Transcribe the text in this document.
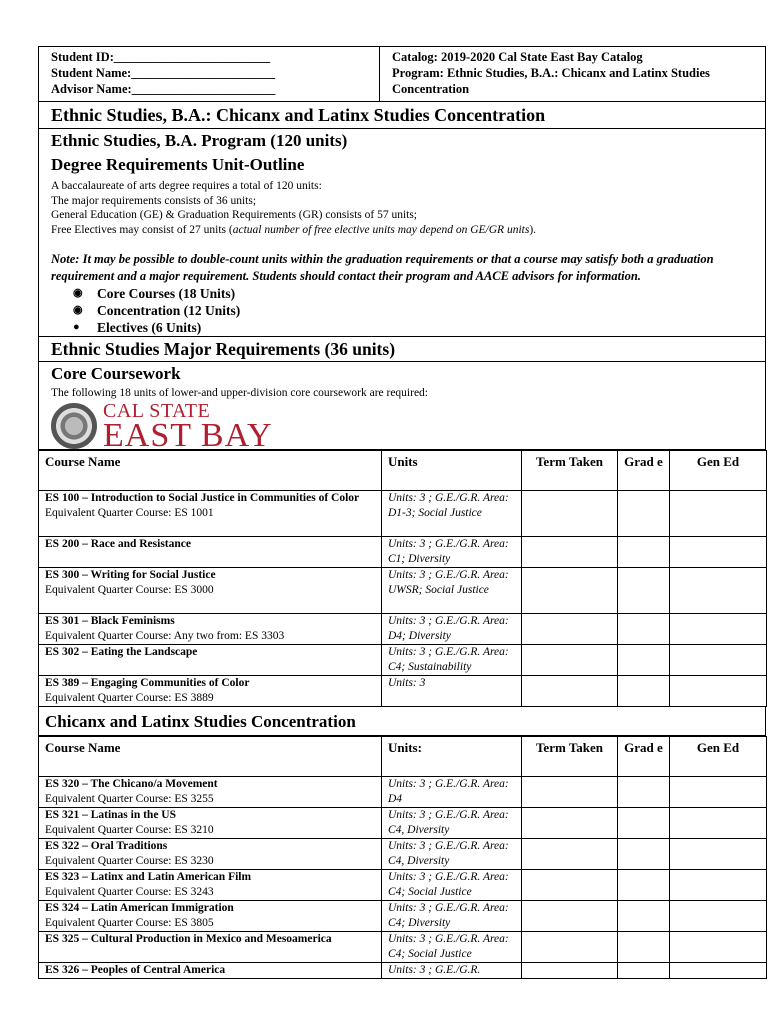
Student ID:_________________________
Student Name:_______________________
Advisor Name:_______________________
Catalog: 2019-2020 Cal State East Bay Catalog
Program: Ethnic Studies, B.A.: Chicanx and Latinx Studies
Concentration
Ethnic Studies, B.A.: Chicanx and Latinx Studies Concentration
Ethnic Studies, B.A. Program (120 units)
Degree Requirements Unit-Outline
A baccalaureate of arts degree requires a total of 120 units:
The major requirements consists of 36 units;
General Education (GE) & Graduation Requirements (GR) consists of 57 units;
Free Electives may consist of 27 units (actual number of free elective units may depend on GE/GR units).
Note: It may be possible to double-count units within the graduation requirements or that a course may satisfy both a graduation requirement and a major requirement. Students should contact their program and AACE advisors for information.
◉ Core Courses (18 Units)
◉ Concentration (12 Units)
● Electives (6 Units)
Ethnic Studies Major Requirements (36 units)
Core Coursework
The following 18 units of lower-and upper-division core coursework are required:
CAL STATE
EAST BAY
Course Name	Units	Term Taken	Grad e	Gen Ed

ES 100 – Introduction to Social Justice in Communities of Color
Equivalent Quarter Course: ES 1001	Units: 3 ; G.E./G.R. Area: D1-3; Social Justice			

ES 200 – Race and Resistance	Units: 3 ; G.E./G.R. Area: C1; Diversity			

ES 300 – Writing for Social Justice
Equivalent Quarter Course: ES 3000	Units: 3 ; G.E./G.R. Area: UWSR; Social Justice			

ES 301 – Black Feminisms
Equivalent Quarter Course: Any two from: ES 3303	Units: 3 ; G.E./G.R. Area: D4; Diversity			

ES 302 – Eating the Landscape	Units: 3 ; G.E./G.R. Area: C4; Sustainability			

ES 389 – Engaging Communities of Color
Equivalent Quarter Course: ES 3889	Units: 3			
Chicanx and Latinx Studies Concentration
Course Name	Units:	Term Taken	Grad e	Gen Ed

ES 320 – The Chicano/a Movement
Equivalent Quarter Course: ES 3255	Units: 3 ; G.E./G.R. Area: D4			

ES 321 – Latinas in the US
Equivalent Quarter Course: ES 3210	Units: 3 ; G.E./G.R. Area: C4, Diversity			

ES 322 – Oral Traditions
Equivalent Quarter Course: ES 3230	Units: 3 ; G.E./G.R. Area: C4, Diversity			

ES 323 – Latinx and Latin American Film
Equivalent Quarter Course: ES 3243	Units: 3 ; G.E./G.R. Area: C4; Social Justice			

ES 324 – Latin American Immigration
Equivalent Quarter Course: ES 3805	Units: 3 ; G.E./G.R. Area: C4; Diversity			

ES 325 – Cultural Production in Mexico and Mesoamerica	Units: 3 ; G.E./G.R. Area: C4; Social Justice			

ES 326 – Peoples of Central America	Units: 3 ; G.E./G.R.			
